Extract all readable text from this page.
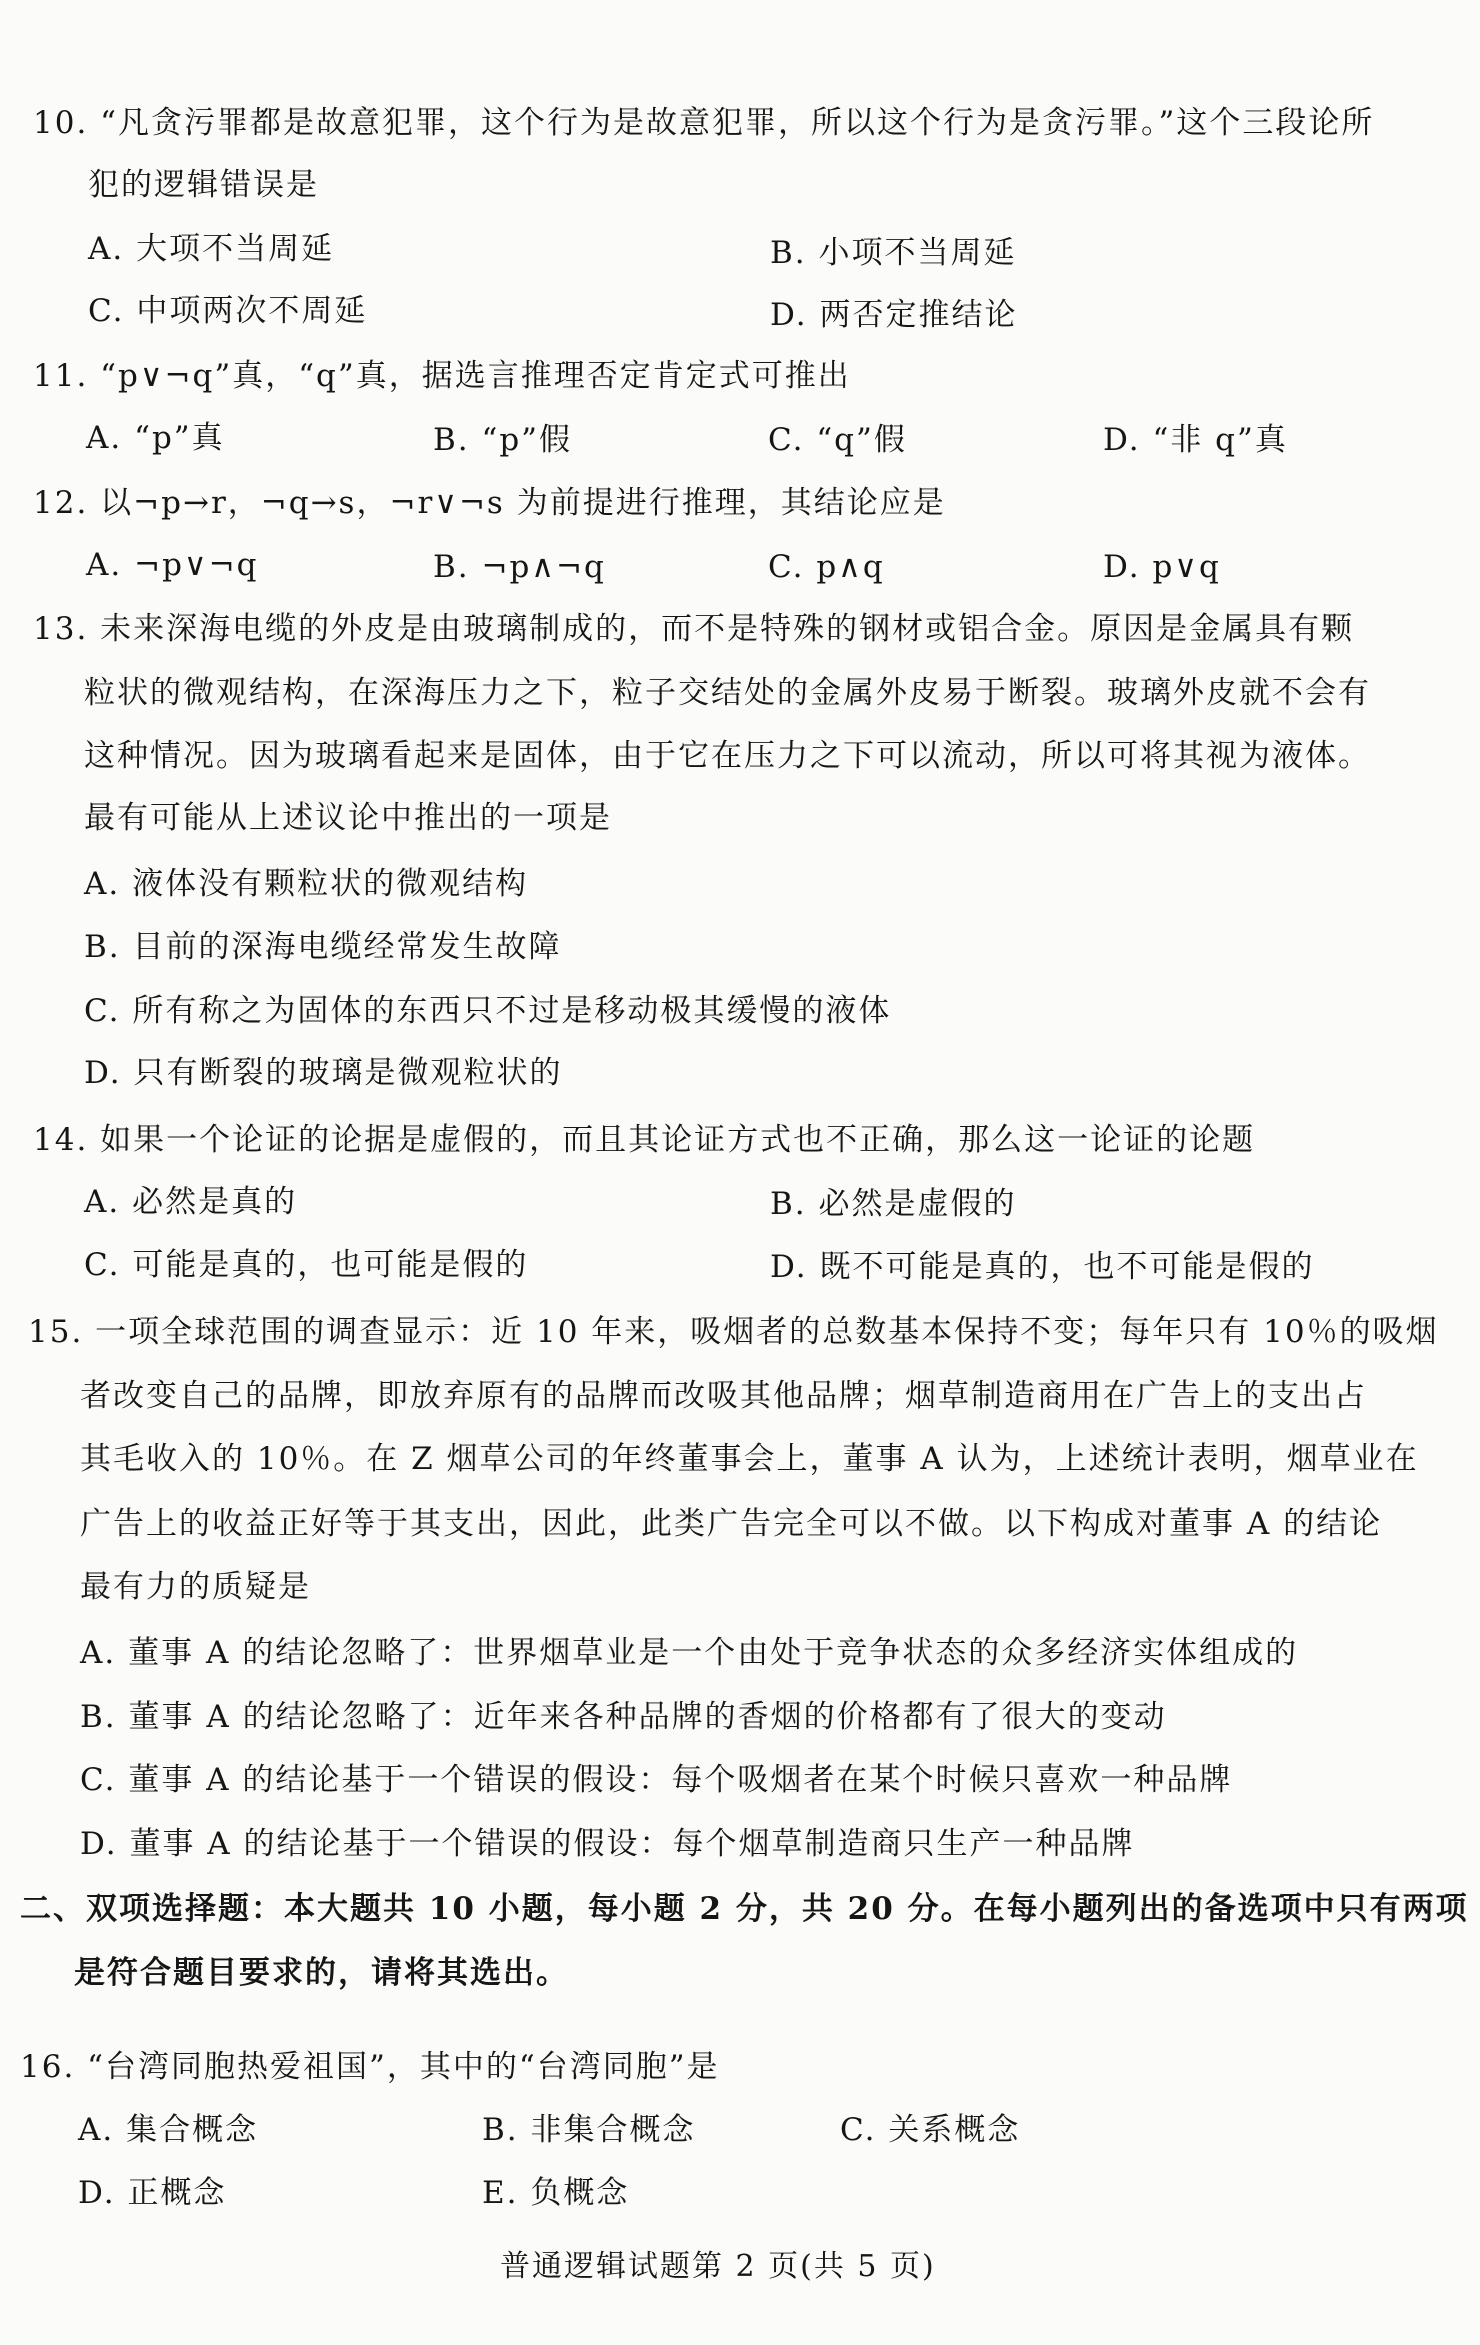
10. “凡贪污罪都是故意犯罪，这个行为是故意犯罪，所以这个行为是贪污罪。”这个三段论所
犯的逻辑错误是
A. 大项不当周延	B. 小项不当周延
C. 中项两次不周延	D. 两否定推结论
11. “p∨¬q”真，“q”真，据选言推理否定肯定式可推出
A. “p”真	B. “p”假	C. “q”假	D. “非 q”真
12. 以¬p→r，¬q→s，¬r∨¬s 为前提进行推理，其结论应是
A. ¬p∨¬q	B. ¬p∧¬q	C. p∧q	D. p∨q
13. 未来深海电缆的外皮是由玻璃制成的，而不是特殊的钢材或铝合金。原因是金属具有颗
粒状的微观结构，在深海压力之下，粒子交结处的金属外皮易于断裂。玻璃外皮就不会有
这种情况。因为玻璃看起来是固体，由于它在压力之下可以流动，所以可将其视为液体。
最有可能从上述议论中推出的一项是
A. 液体没有颗粒状的微观结构
B. 目前的深海电缆经常发生故障
C. 所有称之为固体的东西只不过是移动极其缓慢的液体
D. 只有断裂的玻璃是微观粒状的
14. 如果一个论证的论据是虚假的，而且其论证方式也不正确，那么这一论证的论题
A. 必然是真的	B. 必然是虚假的
C. 可能是真的，也可能是假的	D. 既不可能是真的，也不可能是假的
15. 一项全球范围的调查显示：近 10 年来，吸烟者的总数基本保持不变；每年只有 10％的吸烟
者改变自己的品牌，即放弃原有的品牌而改吸其他品牌；烟草制造商用在广告上的支出占
其毛收入的 10％。在 Z 烟草公司的年终董事会上，董事 A 认为，上述统计表明，烟草业在
广告上的收益正好等于其支出，因此，此类广告完全可以不做。以下构成对董事 A 的结论
最有力的质疑是
A. 董事 A 的结论忽略了：世界烟草业是一个由处于竞争状态的众多经济实体组成的
B. 董事 A 的结论忽略了：近年来各种品牌的香烟的价格都有了很大的变动
C. 董事 A 的结论基于一个错误的假设：每个吸烟者在某个时候只喜欢一种品牌
D. 董事 A 的结论基于一个错误的假设：每个烟草制造商只生产一种品牌
二、双项选择题：本大题共 10 小题，每小题 2 分，共 20 分。在每小题列出的备选项中只有两项
是符合题目要求的，请将其选出。
16. “台湾同胞热爱祖国”，其中的“台湾同胞”是
A. 集合概念	B. 非集合概念	C. 关系概念
D. 正概念	E. 负概念
普通逻辑试题第 2 页(共 5 页)
